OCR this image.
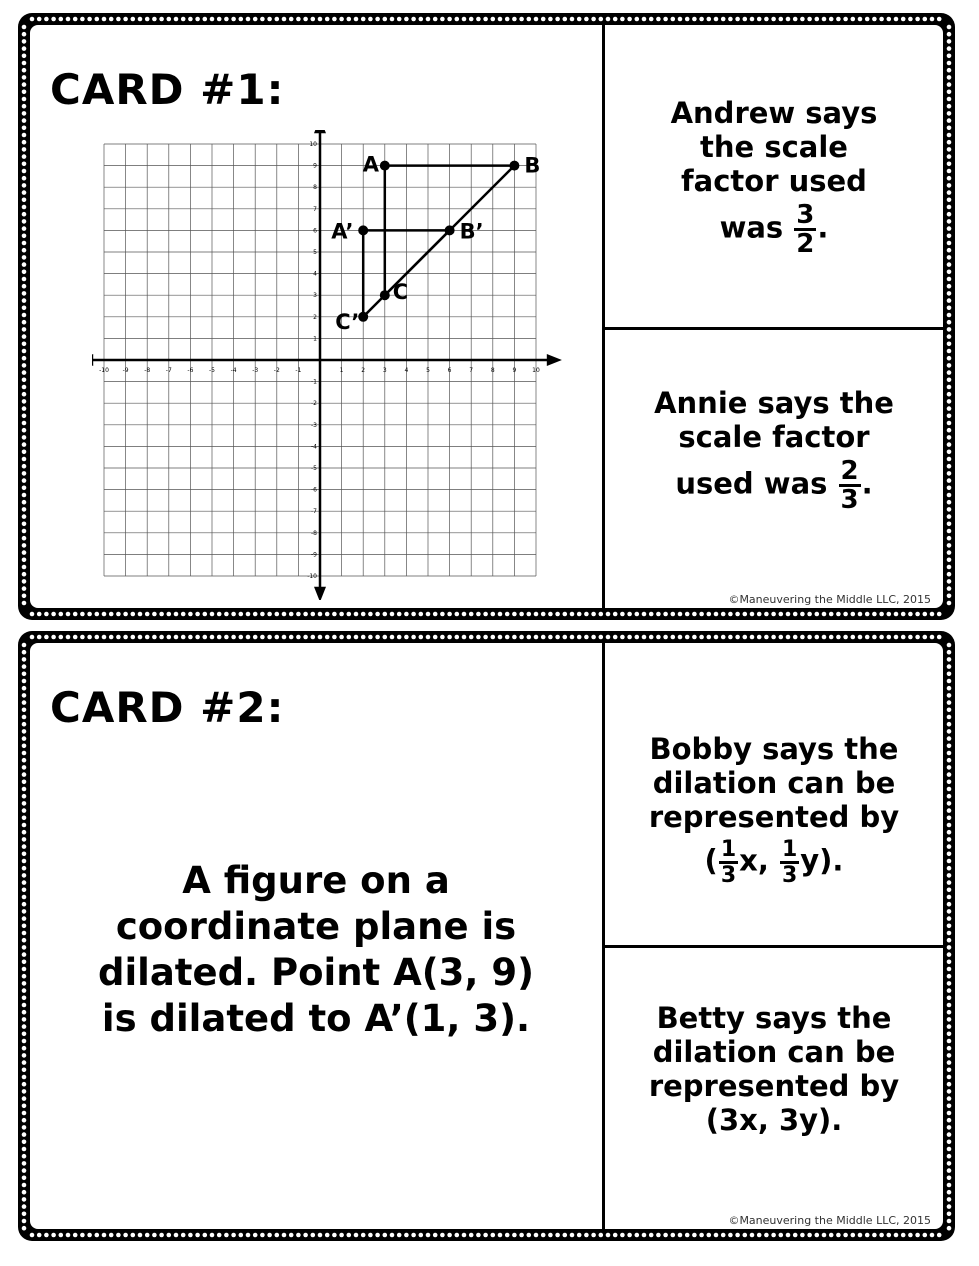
CARD #1:
-10 -9	-8	-7	-6	-5	-4	-3	-2	-1	1	2	3	4	5	6	7	8	9	10
10
9
8
7
6
5
4
3
2
1
-1
-2
-3
-4
-5
-6
-7
-8
-9
-10
A	B
C
A’	B’
C’
Andrew says the scale factor used
was $\frac{3}{2}$ .
Annie says the scale factor
used was $\frac{2}{3}$ .
©Maneuvering the Middle LLC, 2015
CARD #2:
A figure on a
coordinate plane is
dilated. Point A(3, 9)
is dilated to A’(1, 3).
Bobby says the
dilation can be
represented by
( $\frac{1}{3} x$, $\frac{1}{3} y$).
Betty says the
dilation can be
represented by
(3x, 3y).
©Maneuvering the Middle LLC, 2015
